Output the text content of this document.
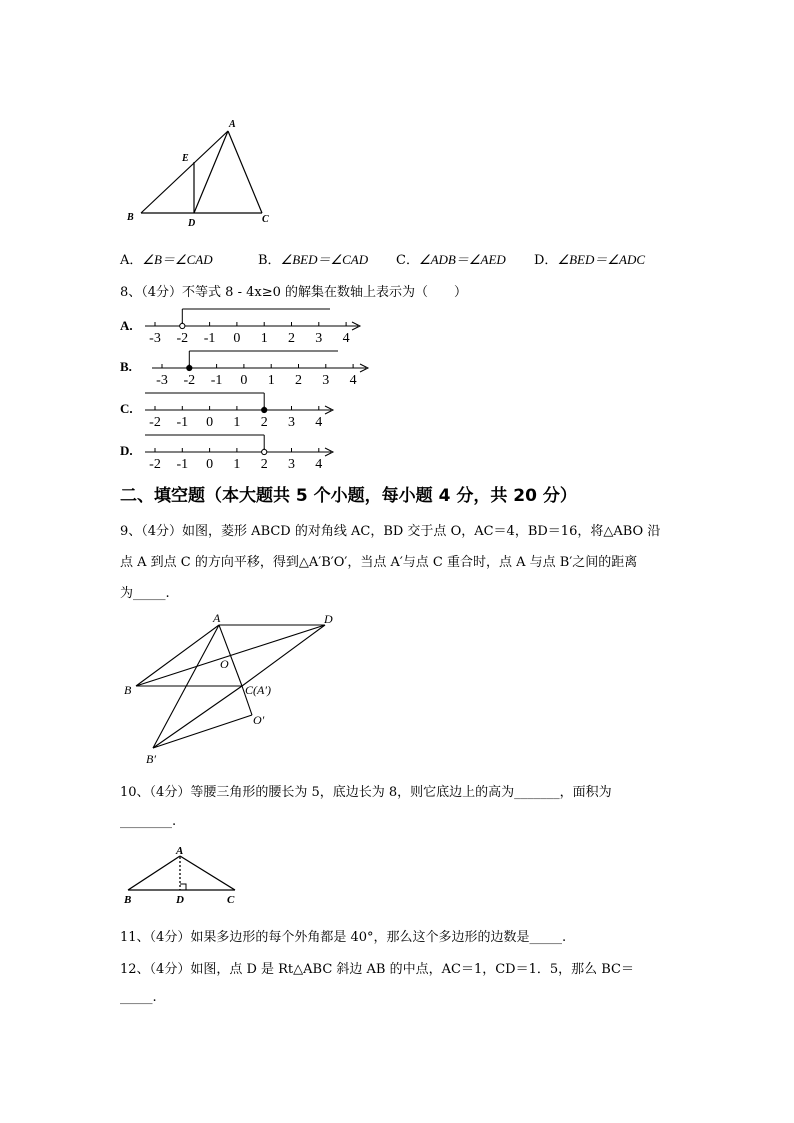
A
E
B
D	C
A．∠B＝∠CAD	B．∠BED＝∠CAD C．∠ADB＝∠AED D．∠BED＝∠ADC
8、（4分）不等式 8 - 4x≥0 的解集在数轴上表示为（　　）
A.
B.
C.
D.
-3 -2 -1 0 1 2 3 4
-3 -2 -1 0 1 2 3 4
-2 -1 0 1 2 3 4
-2 -1 0 1 2 3 4
二、填空题（本大题共 5 个小题，每小题 4 分，共 20 分）
9、（4分）如图，菱形 ABCD 的对角线 AC，BD 交于点 O，AC＝4，BD＝16，将△ABO 沿
点 A 到点 C 的方向平移，得到△A′B′O′，当点 A′与点 C 重合时，点 A 与点 B′之间的距离
为_____.
A	D
O
B	C(A′)
O′
B′
10、（4分）等腰三角形的腰长为 5，底边长为 8，则它底边上的高为_______，面积为
________.
A
B	D	C
11、（4分）如果多边形的每个外角都是 40°，那么这个多边形的边数是_____.
12、（4分）如图，点 D 是 Rt△ABC 斜边 AB 的中点，AC＝1，CD＝1．5，那么 BC＝
_____.
